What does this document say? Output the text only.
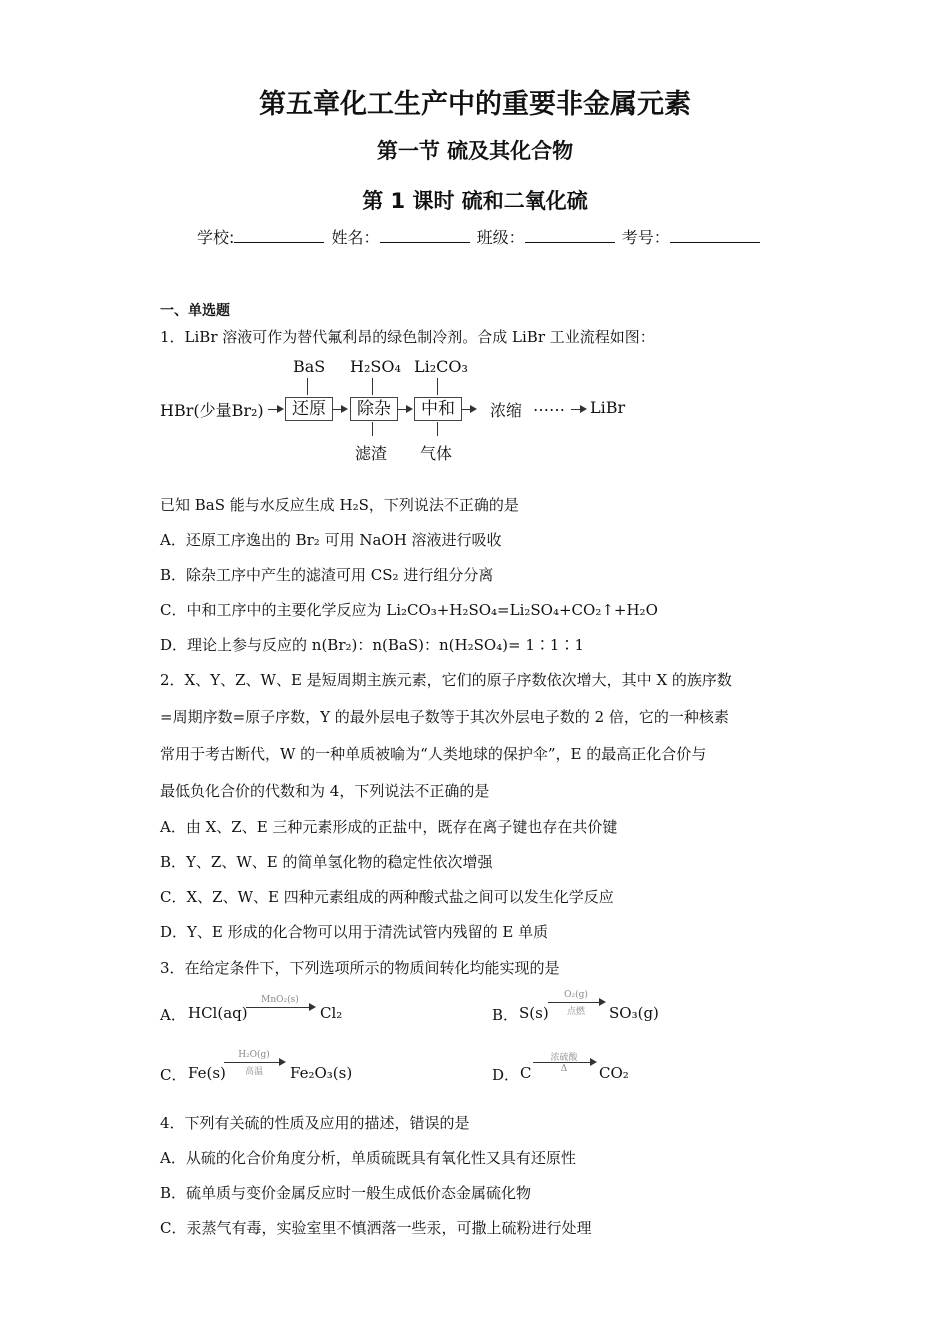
第五章化工生产中的重要非金属元素
第一节 硫及其化合物
第 1 课时 硫和二氧化硫
学校:	姓名：	班级：	考号：
一、单选题
1．LiBr 溶液可作为替代氟利昂的绿色制冷剂。合成 LiBr 工业流程如图：
HBr(少量Br₂)	还原	除杂	中和	浓缩 …… LiBr
BaS H₂SO₄ Li₂CO₃
滤渣 气体
已知 BaS 能与水反应生成 H₂S，下列说法不正确的是
A．还原工序逸出的 Br₂ 可用 NaOH 溶液进行吸收
B．除杂工序中产生的滤渣可用 CS₂ 进行组分分离
C．中和工序中的主要化学反应为 Li₂CO₃+H₂SO₄=Li₂SO₄+CO₂↑+H₂O
D．理论上参与反应的 n(Br₂)：n(BaS)：n(H₂SO₄)= 1∶1∶1
2．X、Y、Z、W、E 是短周期主族元素，它们的原子序数依次增大，其中 X 的族序数
=周期序数=原子序数，Y 的最外层电子数等于其次外层电子数的 2 倍，它的一种核素
常用于考古断代，W 的一种单质被喻为“人类地球的保护伞”，E 的最高正化合价与
最低负化合价的代数和为 4，下列说法不正确的是
A．由 X、Z、E 三种元素形成的正盐中，既存在离子键也存在共价键
B．Y、Z、W、E 的简单氢化物的稳定性依次增强
C．X、Z、W、E 四种元素组成的两种酸式盐之间可以发生化学反应
D．Y、E 形成的化合物可以用于清洗试管内残留的 E 单质
3．在给定条件下，下列选项所示的物质间转化均能实现的是
A． HCl(aq)
MnO₂(s)
Cl₂	B． S(s)
O₂(g)
点燃	SO₃(g)
C． Fe(s)
H₂O(g)
高温	Fe₂O₃(s)	D． C
浓硫酸
Δ	CO₂
4．下列有关硫的性质及应用的描述，错误的是
A．从硫的化合价角度分析，单质硫既具有氧化性又具有还原性
B．硫单质与变价金属反应时一般生成低价态金属硫化物
C．汞蒸气有毒，实验室里不慎洒落一些汞，可撒上硫粉进行处理
